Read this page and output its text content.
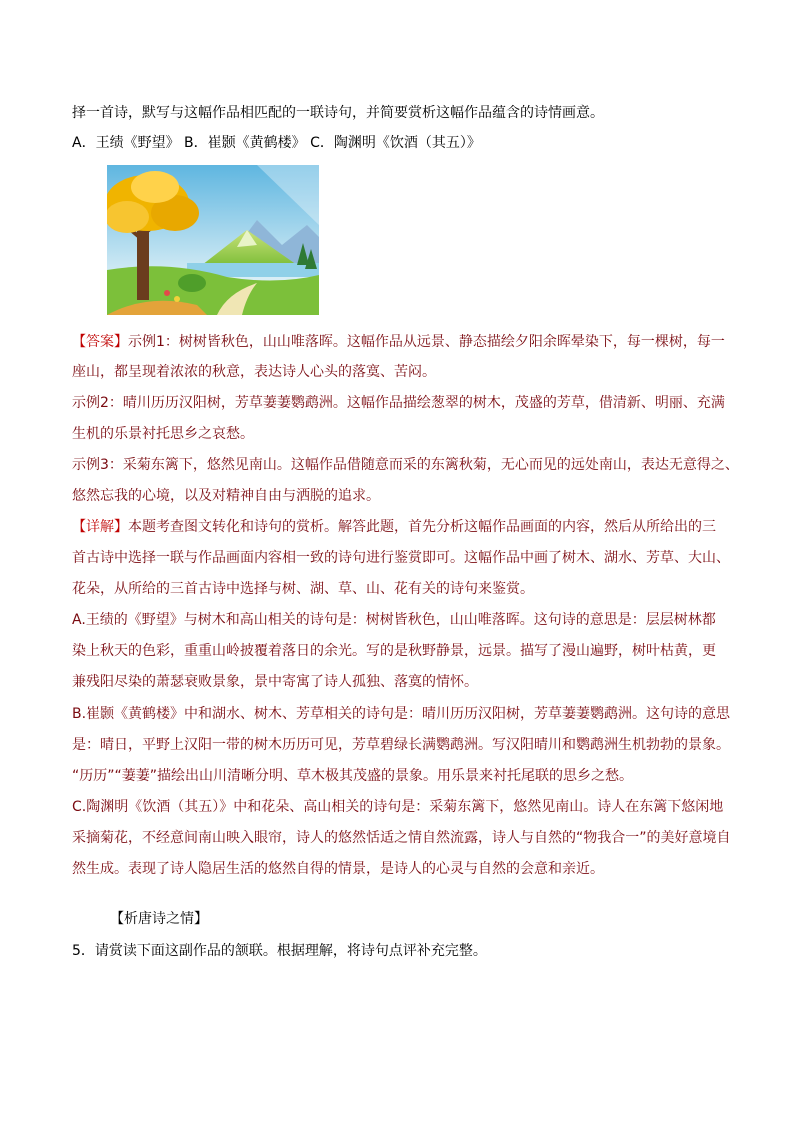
择一首诗，默写与这幅作品相匹配的一联诗句，并简要赏析这幅作品蕴含的诗情画意。
A．王绩《野望》 B．崔颢《黄鹤楼》 C．陶渊明《饮酒（其五）》
【答案】示例1：树树皆秋色，山山唯落晖。这幅作品从远景、静态描绘夕阳余晖晕染下，每一棵树，每一
座山，都呈现着浓浓的秋意，表达诗人心头的落寞、苦闷。
示例2：晴川历历汉阳树，芳草萋萋鹦鹉洲。这幅作品描绘葱翠的树木，茂盛的芳草，借清新、明丽、充满
生机的乐景衬托思乡之哀愁。
示例3：采菊东篱下，悠然见南山。这幅作品借随意而采的东篱秋菊，无心而见的远处南山，表达无意得之、
悠然忘我的心境，以及对精神自由与洒脱的追求。
【详解】本题考查图文转化和诗句的赏析。解答此题，首先分析这幅作品画面的内容，然后从所给出的三
首古诗中选择一联与作品画面内容相一致的诗句进行鉴赏即可。这幅作品中画了树木、湖水、芳草、大山、
花朵，从所给的三首古诗中选择与树、湖、草、山、花有关的诗句来鉴赏。
A.王绩的《野望》与树木和高山相关的诗句是：树树皆秋色，山山唯落晖。这句诗的意思是：层层树林都
染上秋天的色彩，重重山岭披覆着落日的余光。写的是秋野静景，远景。描写了漫山遍野，树叶枯黄，更
兼残阳尽染的萧瑟衰败景象，景中寄寓了诗人孤独、落寞的情怀。
B.崔颢《黄鹤楼》中和湖水、树木、芳草相关的诗句是：晴川历历汉阳树，芳草萋萋鹦鹉洲。这句诗的意思
是：晴日，平野上汉阳一带的树木历历可见，芳草碧绿长满鹦鹉洲。写汉阳晴川和鹦鹉洲生机勃勃的景象。
“历历”“萋萋”描绘出山川清晰分明、草木极其茂盛的景象。用乐景来衬托尾联的思乡之愁。
C.陶渊明《饮酒（其五）》中和花朵、高山相关的诗句是：采菊东篱下，悠然见南山。诗人在东篱下悠闲地
采摘菊花，不经意间南山映入眼帘，诗人的悠然恬适之情自然流露，诗人与自然的“物我合一”的美好意境自
然生成。表现了诗人隐居生活的悠然自得的情景，是诗人的心灵与自然的会意和亲近。
【析唐诗之情】
5．请赏读下面这副作品的颔联。根据理解，将诗句点评补充完整。
